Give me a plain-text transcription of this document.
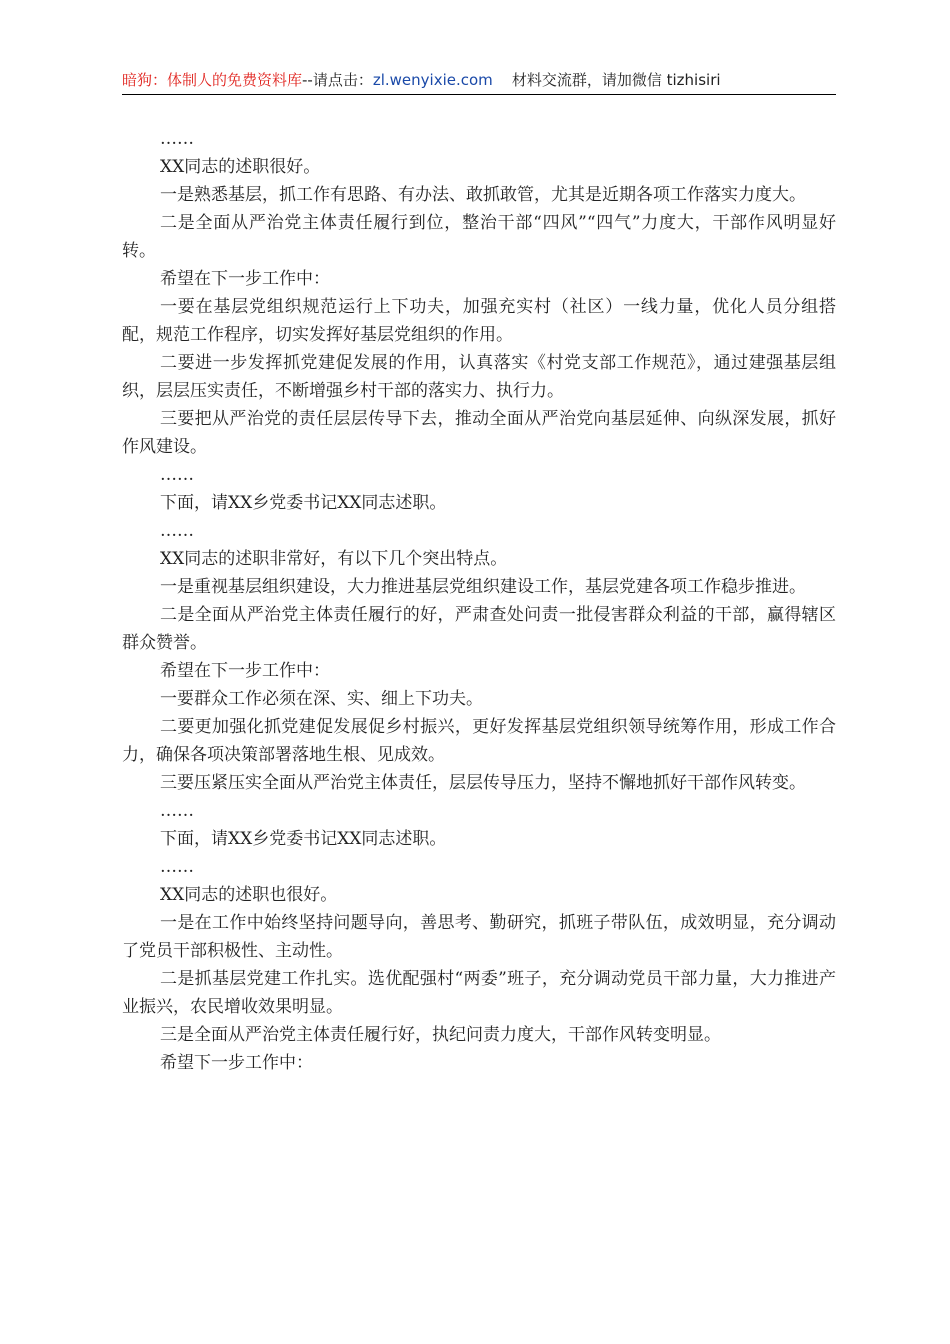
暗狗：体制人的免费资料库--请点击：zl.wenyixie.com 材料交流群，请加微信 tizhisiri

……

XX同志的述职很好。

一是熟悉基层，抓工作有思路、有办法、敢抓敢管，尤其是近期各项工作落实力度大。

二是全面从严治党主体责任履行到位，整治干部“四风”“四气”力度大，干部作风明显好转。

希望在下一步工作中：

一要在基层党组织规范运行上下功夫，加强充实村（社区）一线力量，优化人员分组搭配，规范工作程序，切实发挥好基层党组织的作用。

二要进一步发挥抓党建促发展的作用，认真落实《村党支部工作规范》，通过建强基层组织，层层压实责任，不断增强乡村干部的落实力、执行力。

三要把从严治党的责任层层传导下去，推动全面从严治党向基层延伸、向纵深发展，抓好作风建设。

……

下面，请XX乡党委书记XX同志述职。

……

XX同志的述职非常好，有以下几个突出特点。

一是重视基层组织建设，大力推进基层党组织建设工作，基层党建各项工作稳步推进。

二是全面从严治党主体责任履行的好，严肃查处问责一批侵害群众利益的干部，赢得辖区群众赞誉。

希望在下一步工作中：

一要群众工作必须在深、实、细上下功夫。

二要更加强化抓党建促发展促乡村振兴，更好发挥基层党组织领导统筹作用，形成工作合力，确保各项决策部署落地生根、见成效。

三要压紧压实全面从严治党主体责任，层层传导压力，坚持不懈地抓好干部作风转变。

……

下面，请XX乡党委书记XX同志述职。

……

XX同志的述职也很好。

一是在工作中始终坚持问题导向，善思考、勤研究，抓班子带队伍，成效明显，充分调动了党员干部积极性、主动性。

二是抓基层党建工作扎实。选优配强村“两委”班子，充分调动党员干部力量，大力推进产业振兴，农民增收效果明显。

三是全面从严治党主体责任履行好，执纪问责力度大，干部作风转变明显。

希望下一步工作中：
